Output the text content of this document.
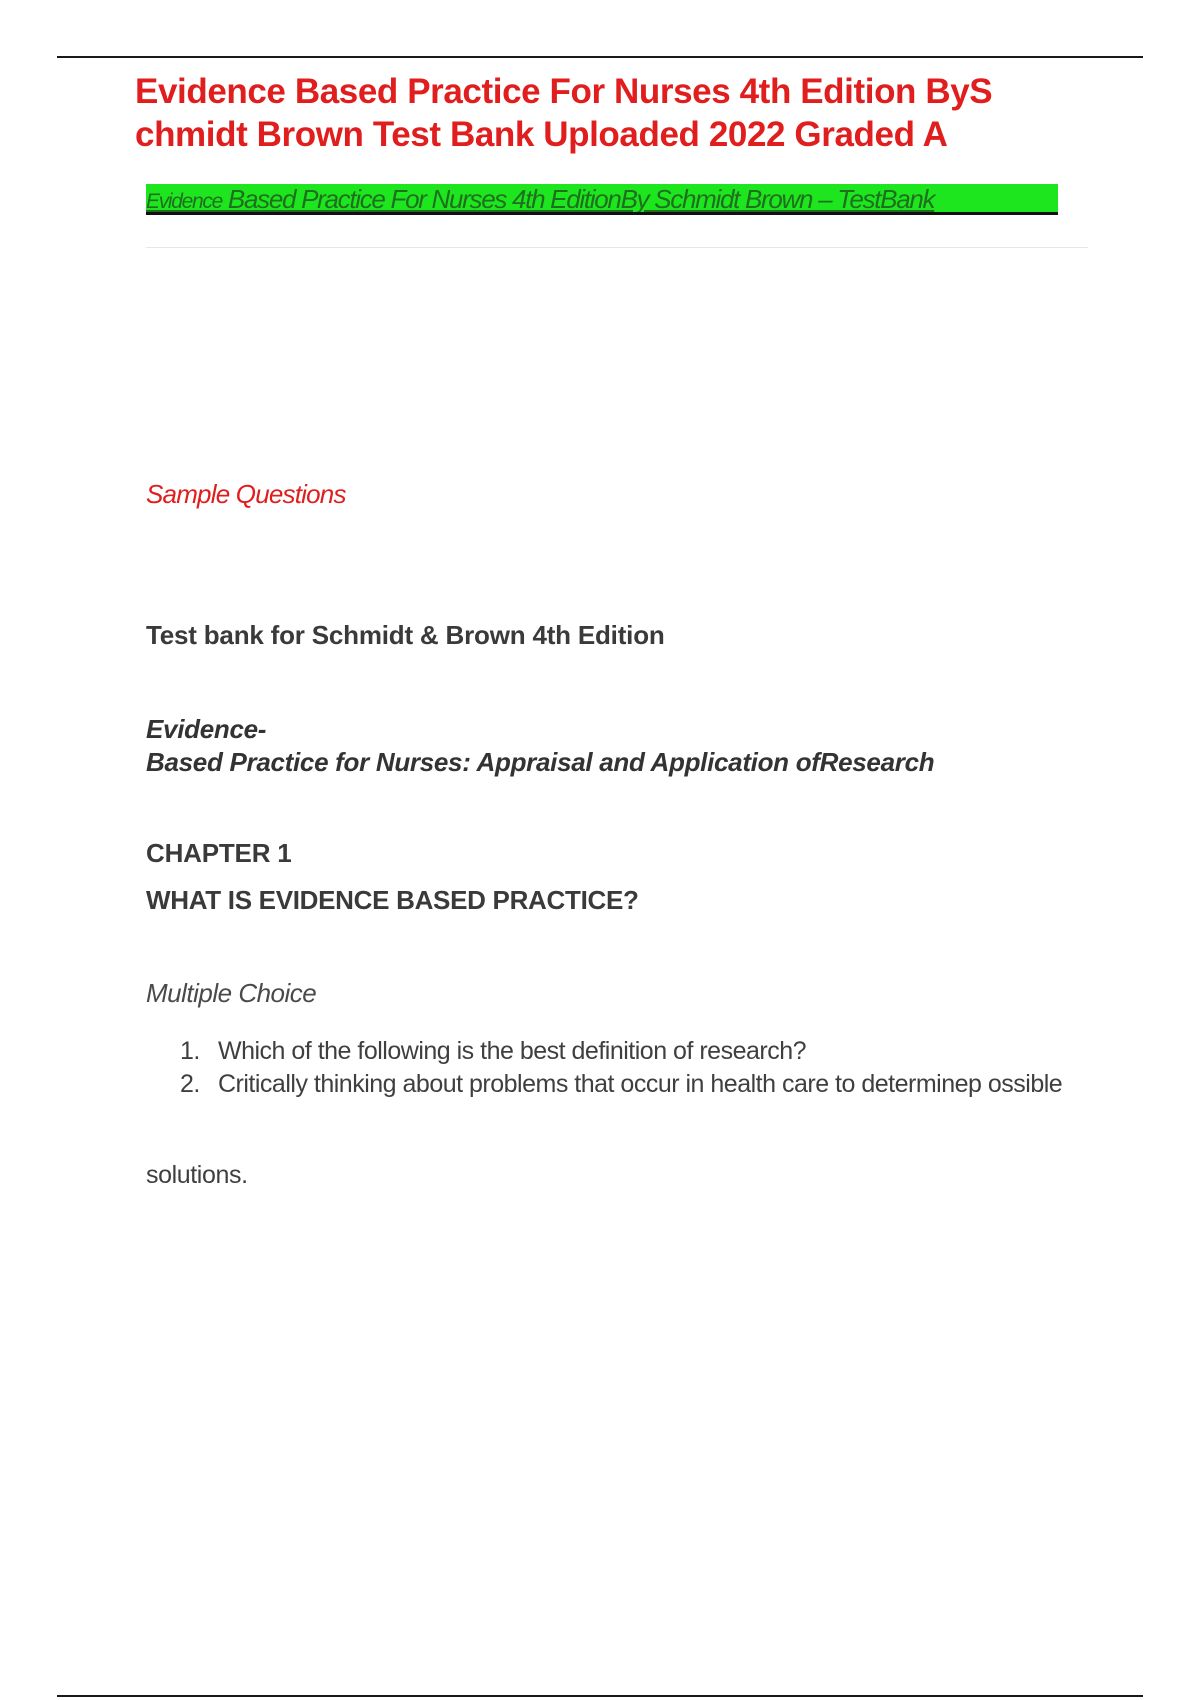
Evidence Based Practice For Nurses 4th Edition ByS
chmidt Brown Test Bank Uploaded 2022 Graded A
Evidence Based Practice For Nurses 4th EditionBy Schmidt Brown – TestBank
Sample Questions
Test bank for Schmidt & Brown 4th Edition
Evidence-
Based Practice for Nurses: Appraisal and Application ofResearch
CHAPTER 1
WHAT IS EVIDENCE BASED PRACTICE?
Multiple Choice
1. Which of the following is the best definition of research?
2. Critically thinking about problems that occur in health care to determinep ossible
solutions.
